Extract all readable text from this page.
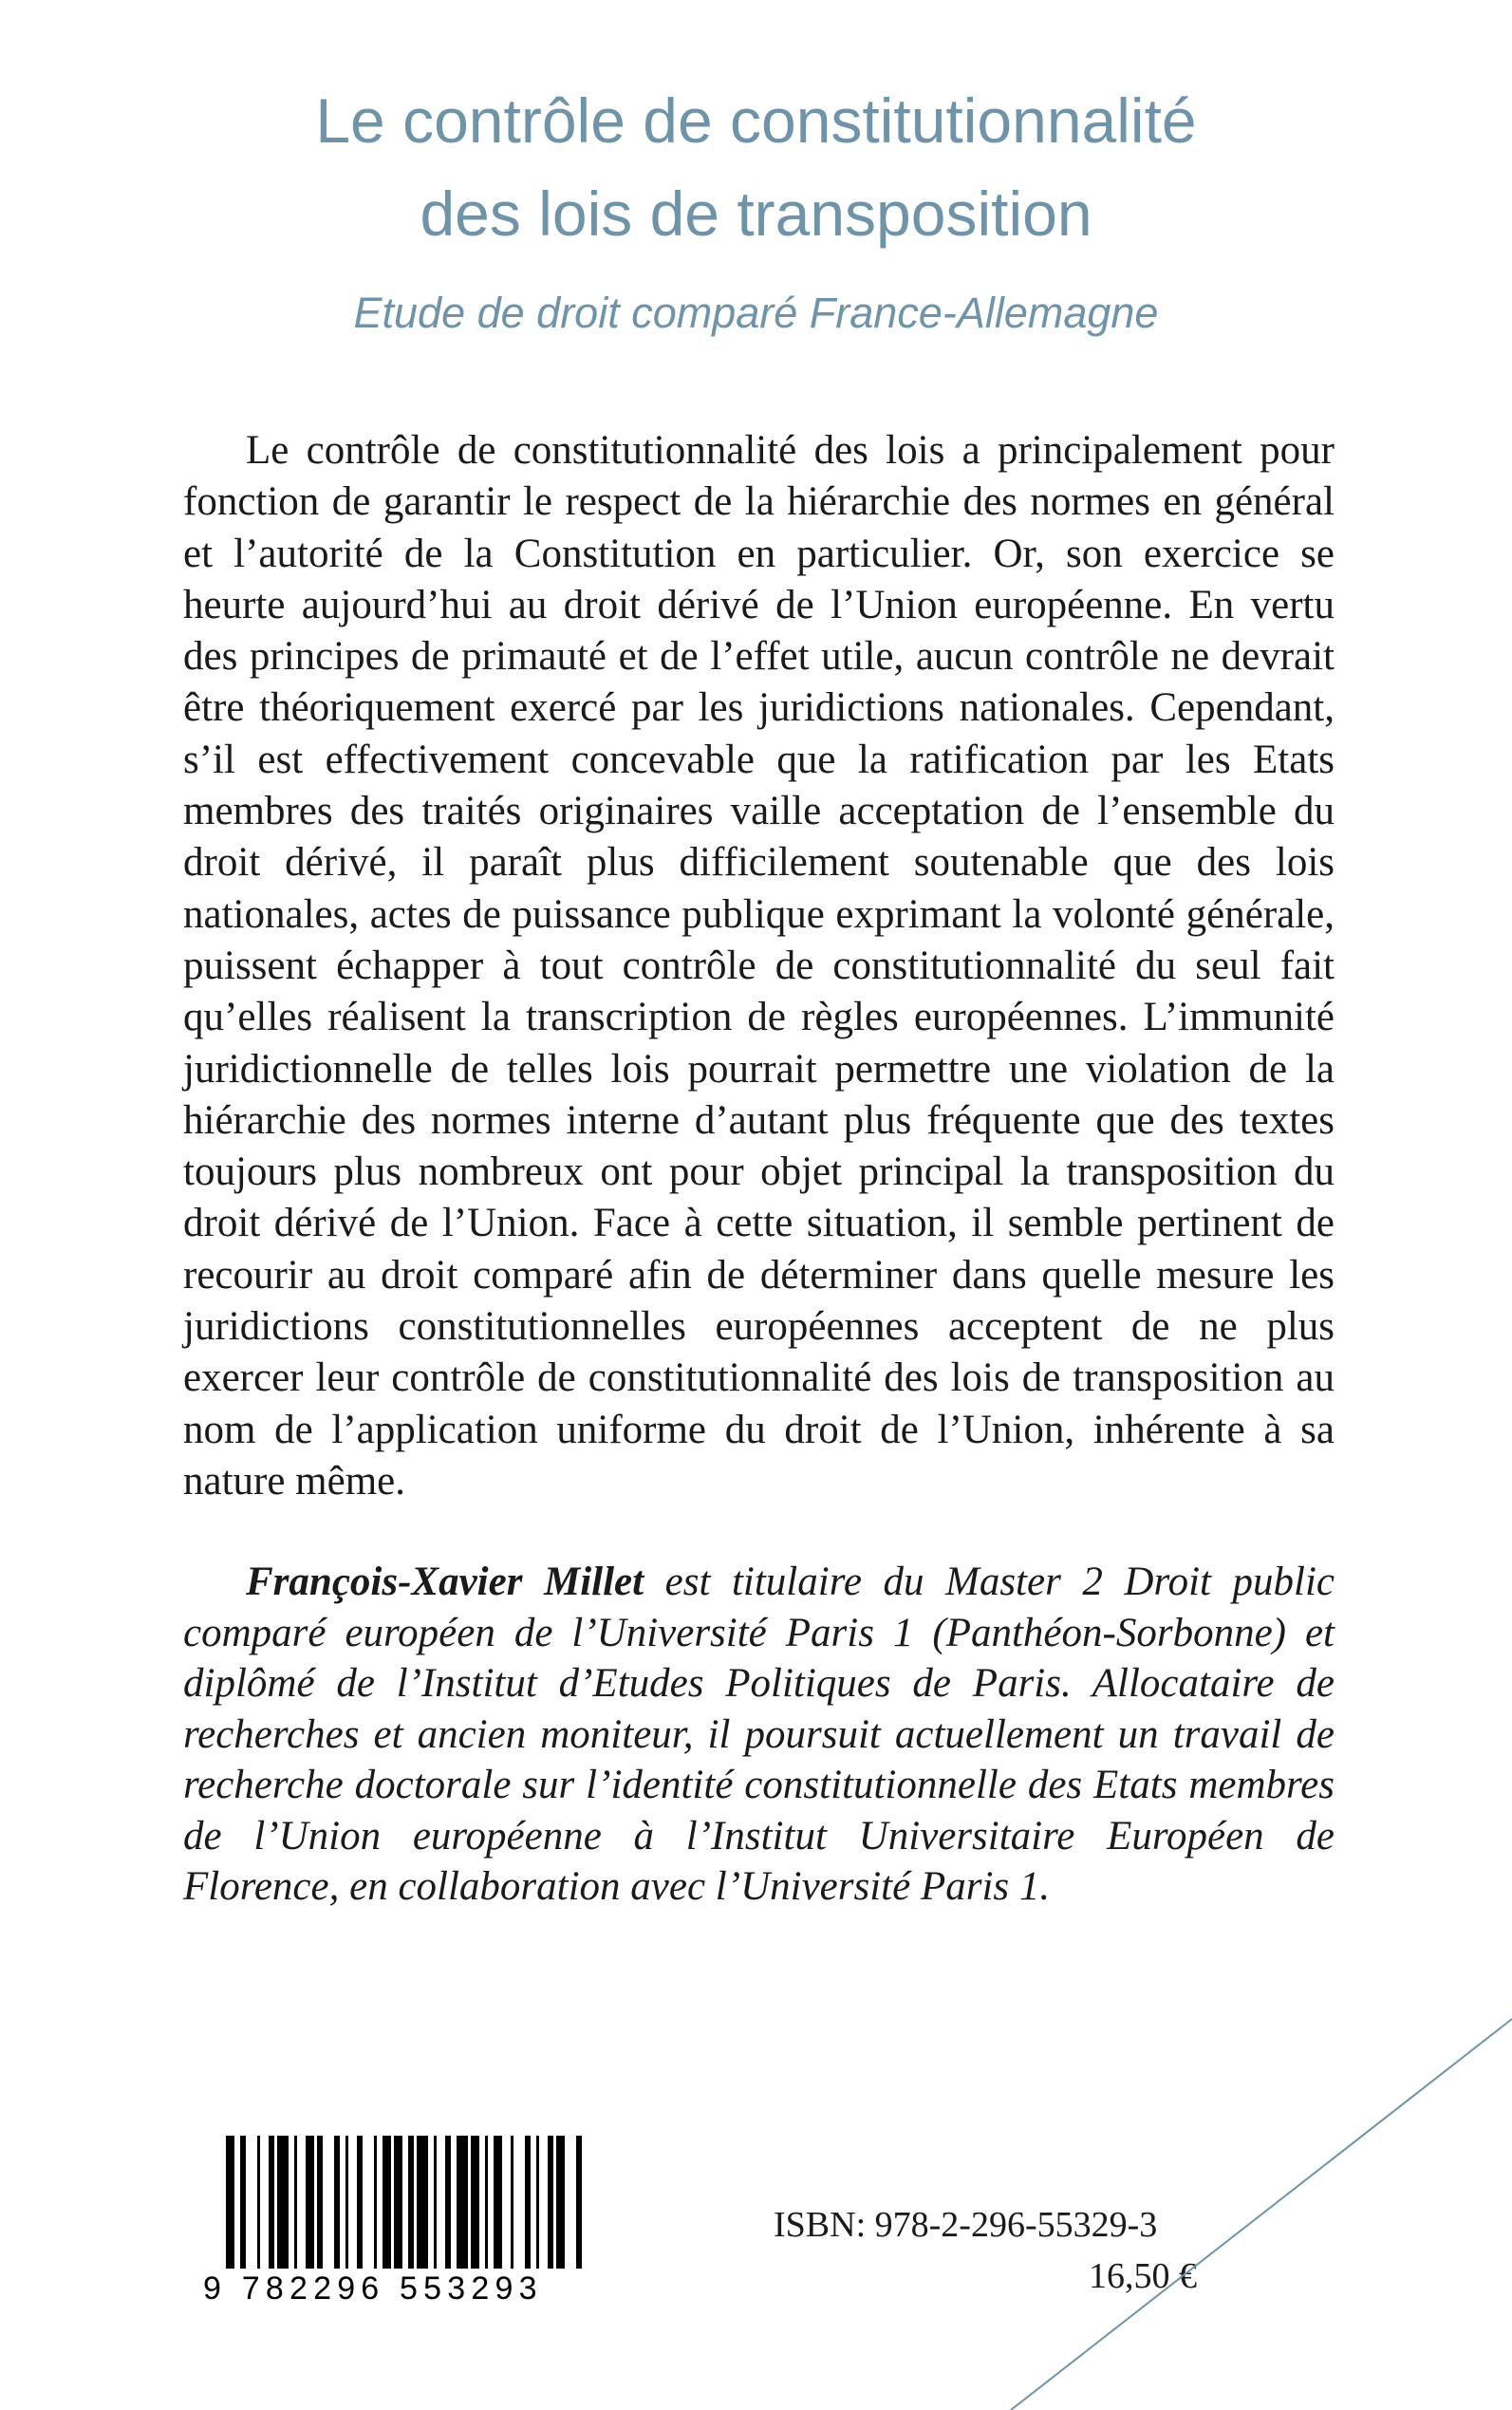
Le contrôle de constitutionnalité
des lois de transposition
Etude de droit comparé France-Allemagne

Le contrôle de constitutionnalité des lois a principalement pour fonction de garantir le respect de la hiérarchie des normes en général et l’autorité de la Constitution en particulier. Or, son exercice se heurte aujourd’hui au droit dérivé de l’Union européenne. En vertu des principes de primauté et de l’effet utile, aucun contrôle ne devrait être théoriquement exercé par les juridictions nationales. Cependant, s’il est effectivement concevable que la ratification par les Etats membres des traités originaires vaille acceptation de l’ensemble du droit dérivé, il paraît plus difficilement soutenable que des lois nationales, actes de puissance publique exprimant la volonté générale, puissent échapper à tout contrôle de constitutionnalité du seul fait qu’elles réalisent la transcription de règles européennes. L’immunité juridictionnelle de telles lois pourrait permettre une violation de la hiérarchie des normes interne d’autant plus fréquente que des textes toujours plus nombreux ont pour objet principal la transposition du droit dérivé de l’Union. Face à cette situation, il semble pertinent de recourir au droit comparé afin de déterminer dans quelle mesure les juridictions constitutionnelles européennes acceptent de ne plus exercer leur contrôle de constitutionnalité des lois de transposition au nom de l’application uniforme du droit de l’Union, inhérente à sa nature même.

François-Xavier Millet est titulaire du Master 2 Droit public comparé européen de l’Université Paris 1 (Panthéon-Sorbonne) et diplômé de l’Institut d’Etudes Politiques de Paris. Allocataire de recherches et ancien moniteur, il poursuit actuellement un travail de recherche doctorale sur l’identité constitutionnelle des Etats membres de l’Union européenne à l’Institut Universitaire Européen de Florence, en collaboration avec l’Université Paris 1.

9 782296 553293
ISBN: 978-2-296-55329-3
16,50 €
